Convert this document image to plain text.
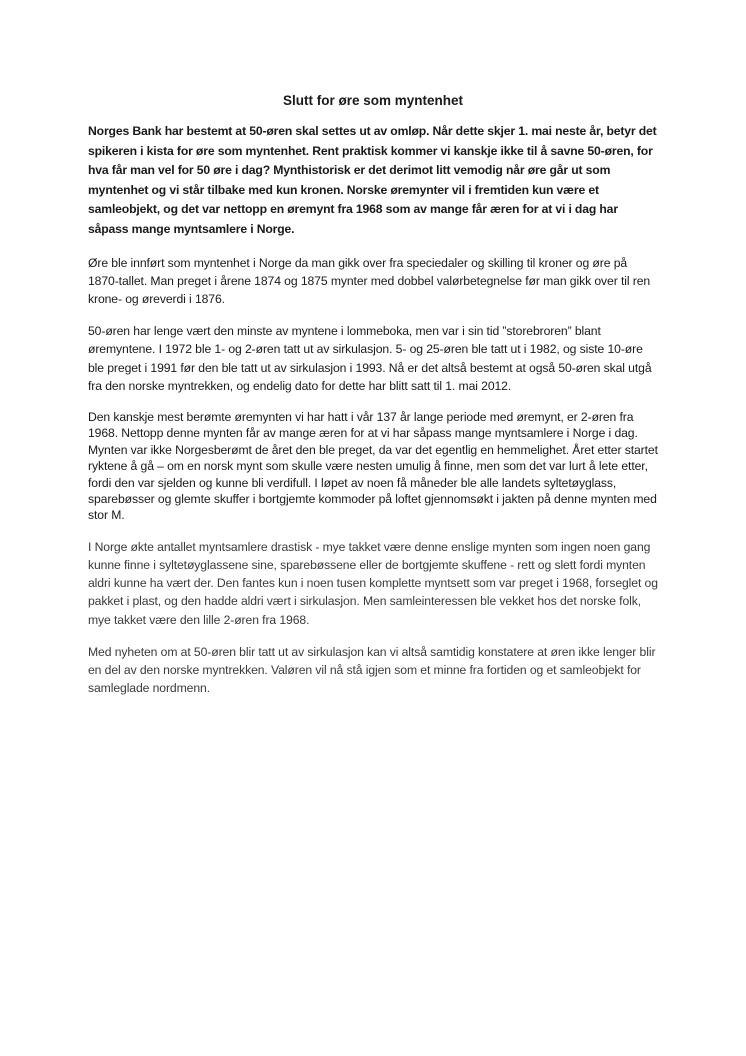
Slutt for øre som myntenhet

Norges Bank har bestemt at 50-øren skal settes ut av omløp. Når dette skjer 1. mai neste år, betyr det spikeren i kista for øre som myntenhet. Rent praktisk kommer vi kanskje ikke til å savne 50-øren, for hva får man vel for 50 øre i dag? Mynthistorisk er det derimot litt vemodig når øre går ut som myntenhet og vi står tilbake med kun kronen. Norske øremynter vil i fremtiden kun være et samleobjekt, og det var nettopp en øremynt fra 1968 som av mange får æren for at vi i dag har såpass mange myntsamlere i Norge.

Øre ble innført som myntenhet i Norge da man gikk over fra speciedaler og skilling til kroner og øre på 1870-tallet. Man preget i årene 1874 og 1875 mynter med dobbel valørbetegnelse før man gikk over til ren krone- og øreverdi i 1876.

50-øren har lenge vært den minste av myntene i lommeboka, men var i sin tid ”storebroren” blant øremyntene. I 1972 ble 1- og 2-øren tatt ut av sirkulasjon. 5- og 25-øren ble tatt ut i 1982, og siste 10-øre ble preget i 1991 før den ble tatt ut av sirkulasjon i 1993. Nå er det altså bestemt at også 50-øren skal utgå fra den norske myntrekken, og endelig dato for dette har blitt satt til 1. mai 2012.

Den kanskje mest berømte øremynten vi har hatt i vår 137 år lange periode med øremynt, er 2-øren fra 1968. Nettopp denne mynten får av mange æren for at vi har såpass mange myntsamlere i Norge i dag. Mynten var ikke Norgesberømt de året den ble preget, da var det egentlig en hemmelighet. Året etter startet ryktene å gå – om en norsk mynt som skulle være nesten umulig å finne, men som det var lurt å lete etter, fordi den var sjelden og kunne bli verdifull. I løpet av noen få måneder ble alle landets syltetøyglass, sparebøsser og glemte skuffer i bortgjemte kommoder på loftet gjennomsøkt i jakten på denne mynten med stor M.

I Norge økte antallet myntsamlere drastisk - mye takket være denne enslige mynten som ingen noen gang kunne finne i syltetøyglassene sine, sparebøssene eller de bortgjemte skuffene - rett og slett fordi mynten aldri kunne ha vært der. Den fantes kun i noen tusen komplette myntsett som var preget i 1968, forseglet og pakket i plast, og den hadde aldri vært i sirkulasjon. Men samleinteressen ble vekket hos det norske folk, mye takket være den lille 2-øren fra 1968.

Med nyheten om at 50-øren blir tatt ut av sirkulasjon kan vi altså samtidig konstatere at øren ikke lenger blir en del av den norske myntrekken. Valøren vil nå stå igjen som et minne fra fortiden og et samleobjekt for samleglade nordmenn.
